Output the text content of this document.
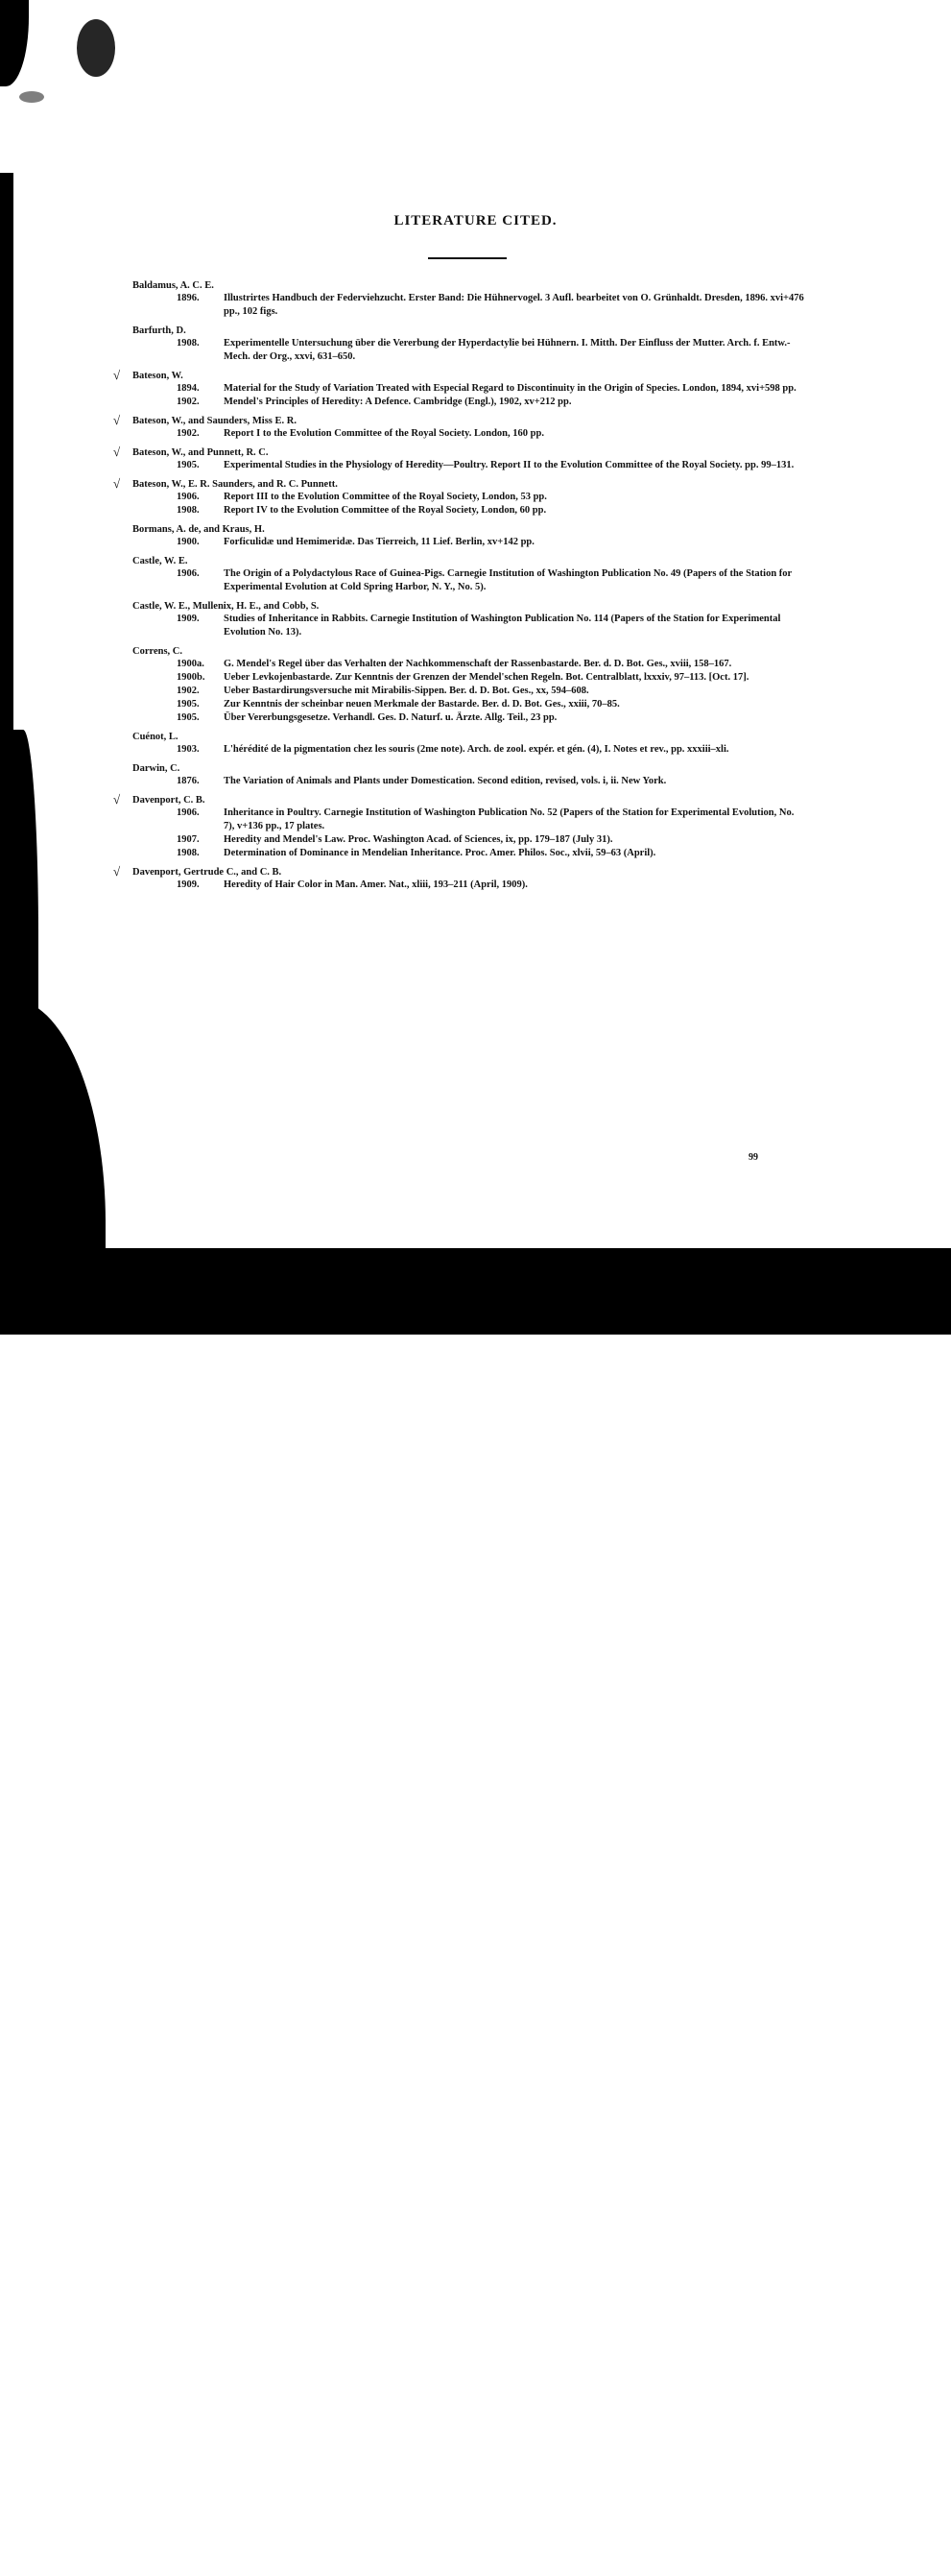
LITERATURE CITED.
Baldamus, A. C. E.
1896.	Illustrirtes Handbuch der Federviehzucht. Erster Band: Die Hühnervogel. 3 Aufl. bearbeitet von O. Grünhaldt. Dresden, 1896. xvi+476 pp., 102 figs.
Barfurth, D.
1908.	Experimentelle Untersuchung über die Vererbung der Hyperdactylie bei Hühnern. I. Mitth. Der Einfluss der Mutter. Arch. f. Entw.-Mech. der Org., xxvi, 631–650.
√ Bateson, W.
1894.	Material for the Study of Variation Treated with Especial Regard to Discontinuity in the Origin of Species. London, 1894, xvi+598 pp.
1902.	Mendel's Principles of Heredity: A Defence. Cambridge (Engl.), 1902, xv+212 pp.
√ Bateson, W., and Saunders, Miss E. R.
1902.	Report I to the Evolution Committee of the Royal Society. London, 160 pp.
√ Bateson, W., and Punnett, R. C.
1905.	Experimental Studies in the Physiology of Heredity—Poultry. Report II to the Evolution Committee of the Royal Society. pp. 99–131.
√ Bateson, W., E. R. Saunders, and R. C. Punnett.
1906.	Report III to the Evolution Committee of the Royal Society, London, 53 pp.
1908.	Report IV to the Evolution Committee of the Royal Society, London, 60 pp.
Bormans, A. de, and Kraus, H.
1900.	Forficulidæ und Hemimeridæ. Das Tierreich, 11 Lief. Berlin, xv+142 pp.
Castle, W. E.
1906.	The Origin of a Polydactylous Race of Guinea-Pigs. Carnegie Institution of Washington Publication No. 49 (Papers of the Station for Experimental Evolution at Cold Spring Harbor, N. Y., No. 5).
Castle, W. E., Mullenix, H. E., and Cobb, S.
1909.	Studies of Inheritance in Rabbits. Carnegie Institution of Washington Publication No. 114 (Papers of the Station for Experimental Evolution No. 13).
Correns, C.
1900a.	G. Mendel's Regel über das Verhalten der Nachkommenschaft der Rassenbastarde. Ber. d. D. Bot. Ges., xviii, 158–167.
1900b.	Ueber Levkojenbastarde. Zur Kenntnis der Grenzen der Mendel'schen Regeln. Bot. Centralblatt, lxxxiv, 97–113. [Oct. 17].
1902.	Ueber Bastardirungsversuche mit Mirabilis-Sippen. Ber. d. D. Bot. Ges., xx, 594–608.
1905.	Zur Kenntnis der scheinbar neuen Merkmale der Bastarde. Ber. d. D. Bot. Ges., xxiii, 70–85.
1905.	Über Vererbungsgesetze. Verhandl. Ges. D. Naturf. u. Ärzte. Allg. Teil., 23 pp.
Cuénot, L.
1903.	L'hérédité de la pigmentation chez les souris (2me note). Arch. de zool. expér. et gén. (4), I. Notes et rev., pp. xxxiii–xli.
Darwin, C.
1876.	The Variation of Animals and Plants under Domestication. Second edition, revised, vols. i, ii. New York.
√ Davenport, C. B.
1906.	Inheritance in Poultry. Carnegie Institution of Washington Publication No. 52 (Papers of the Station for Experimental Evolution, No. 7), v+136 pp., 17 plates.
1907.	Heredity and Mendel's Law. Proc. Washington Acad. of Sciences, ix, pp. 179–187 (July 31).
1908.	Determination of Dominance in Mendelian Inheritance. Proc. Amer. Philos. Soc., xlvii, 59–63 (April).
√ Davenport, Gertrude C., and C. B.
1909.	Heredity of Hair Color in Man. Amer. Nat., xliii, 193–211 (April, 1909).
99
alamy
Image ID: PBM6P4
www.alamy.com
